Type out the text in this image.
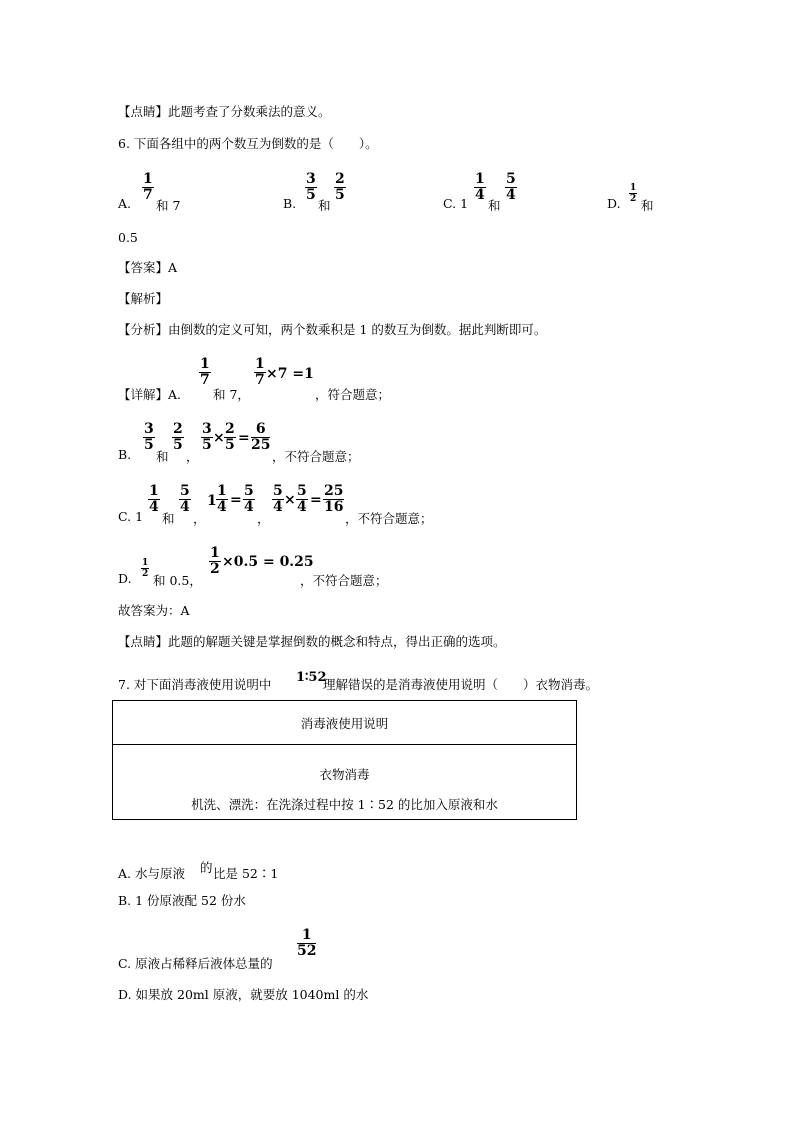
【点睛】此题考查了分数乘法的意义。
6. 下面各组中的两个数互为倒数的是（　　）。
A.
1
7
和 7	B.
3
5
和
2
5
C. 1
1
4
和
5
4
D.
1
2 和
0.5
【答案】A
【解析】
【分析】由倒数的定义可知，两个数乘积是 1 的数互为倒数。据此判断即可。
【详解】A.
1
7
和 7，
1
7 ×7 =1
，符合题意；
B.
3
5
和
2
5
，
3
5 ×
2
5 =
6
25
，不符合题意；
C. 1
1
4
和
5
4
，
1
1
4 =
5
4
，
5
4 ×
5
4 =
25
16
，不符合题意；
D.
1
2 和 0.5，
1
2 ×0.5 = 0.25
，不符合题意；
故答案为：A
【点睛】此题的解题关键是掌握倒数的概念和特点，得出正确的选项。
7. 对下面消毒液使用说明中 1∶52
理解错误的是消毒液使用说明（　　）衣物消毒。
消毒液使用说明
衣物消毒
机洗、漂洗：在洗涤过程中按 1∶52 的比加入原液和水
A. 水与原液 的 比是 52∶1
B. 1 份原液配 52 份水
C. 原液占稀释后液体总量的
1
52
D. 如果放 20ml 原液，就要放 1040ml 的水
